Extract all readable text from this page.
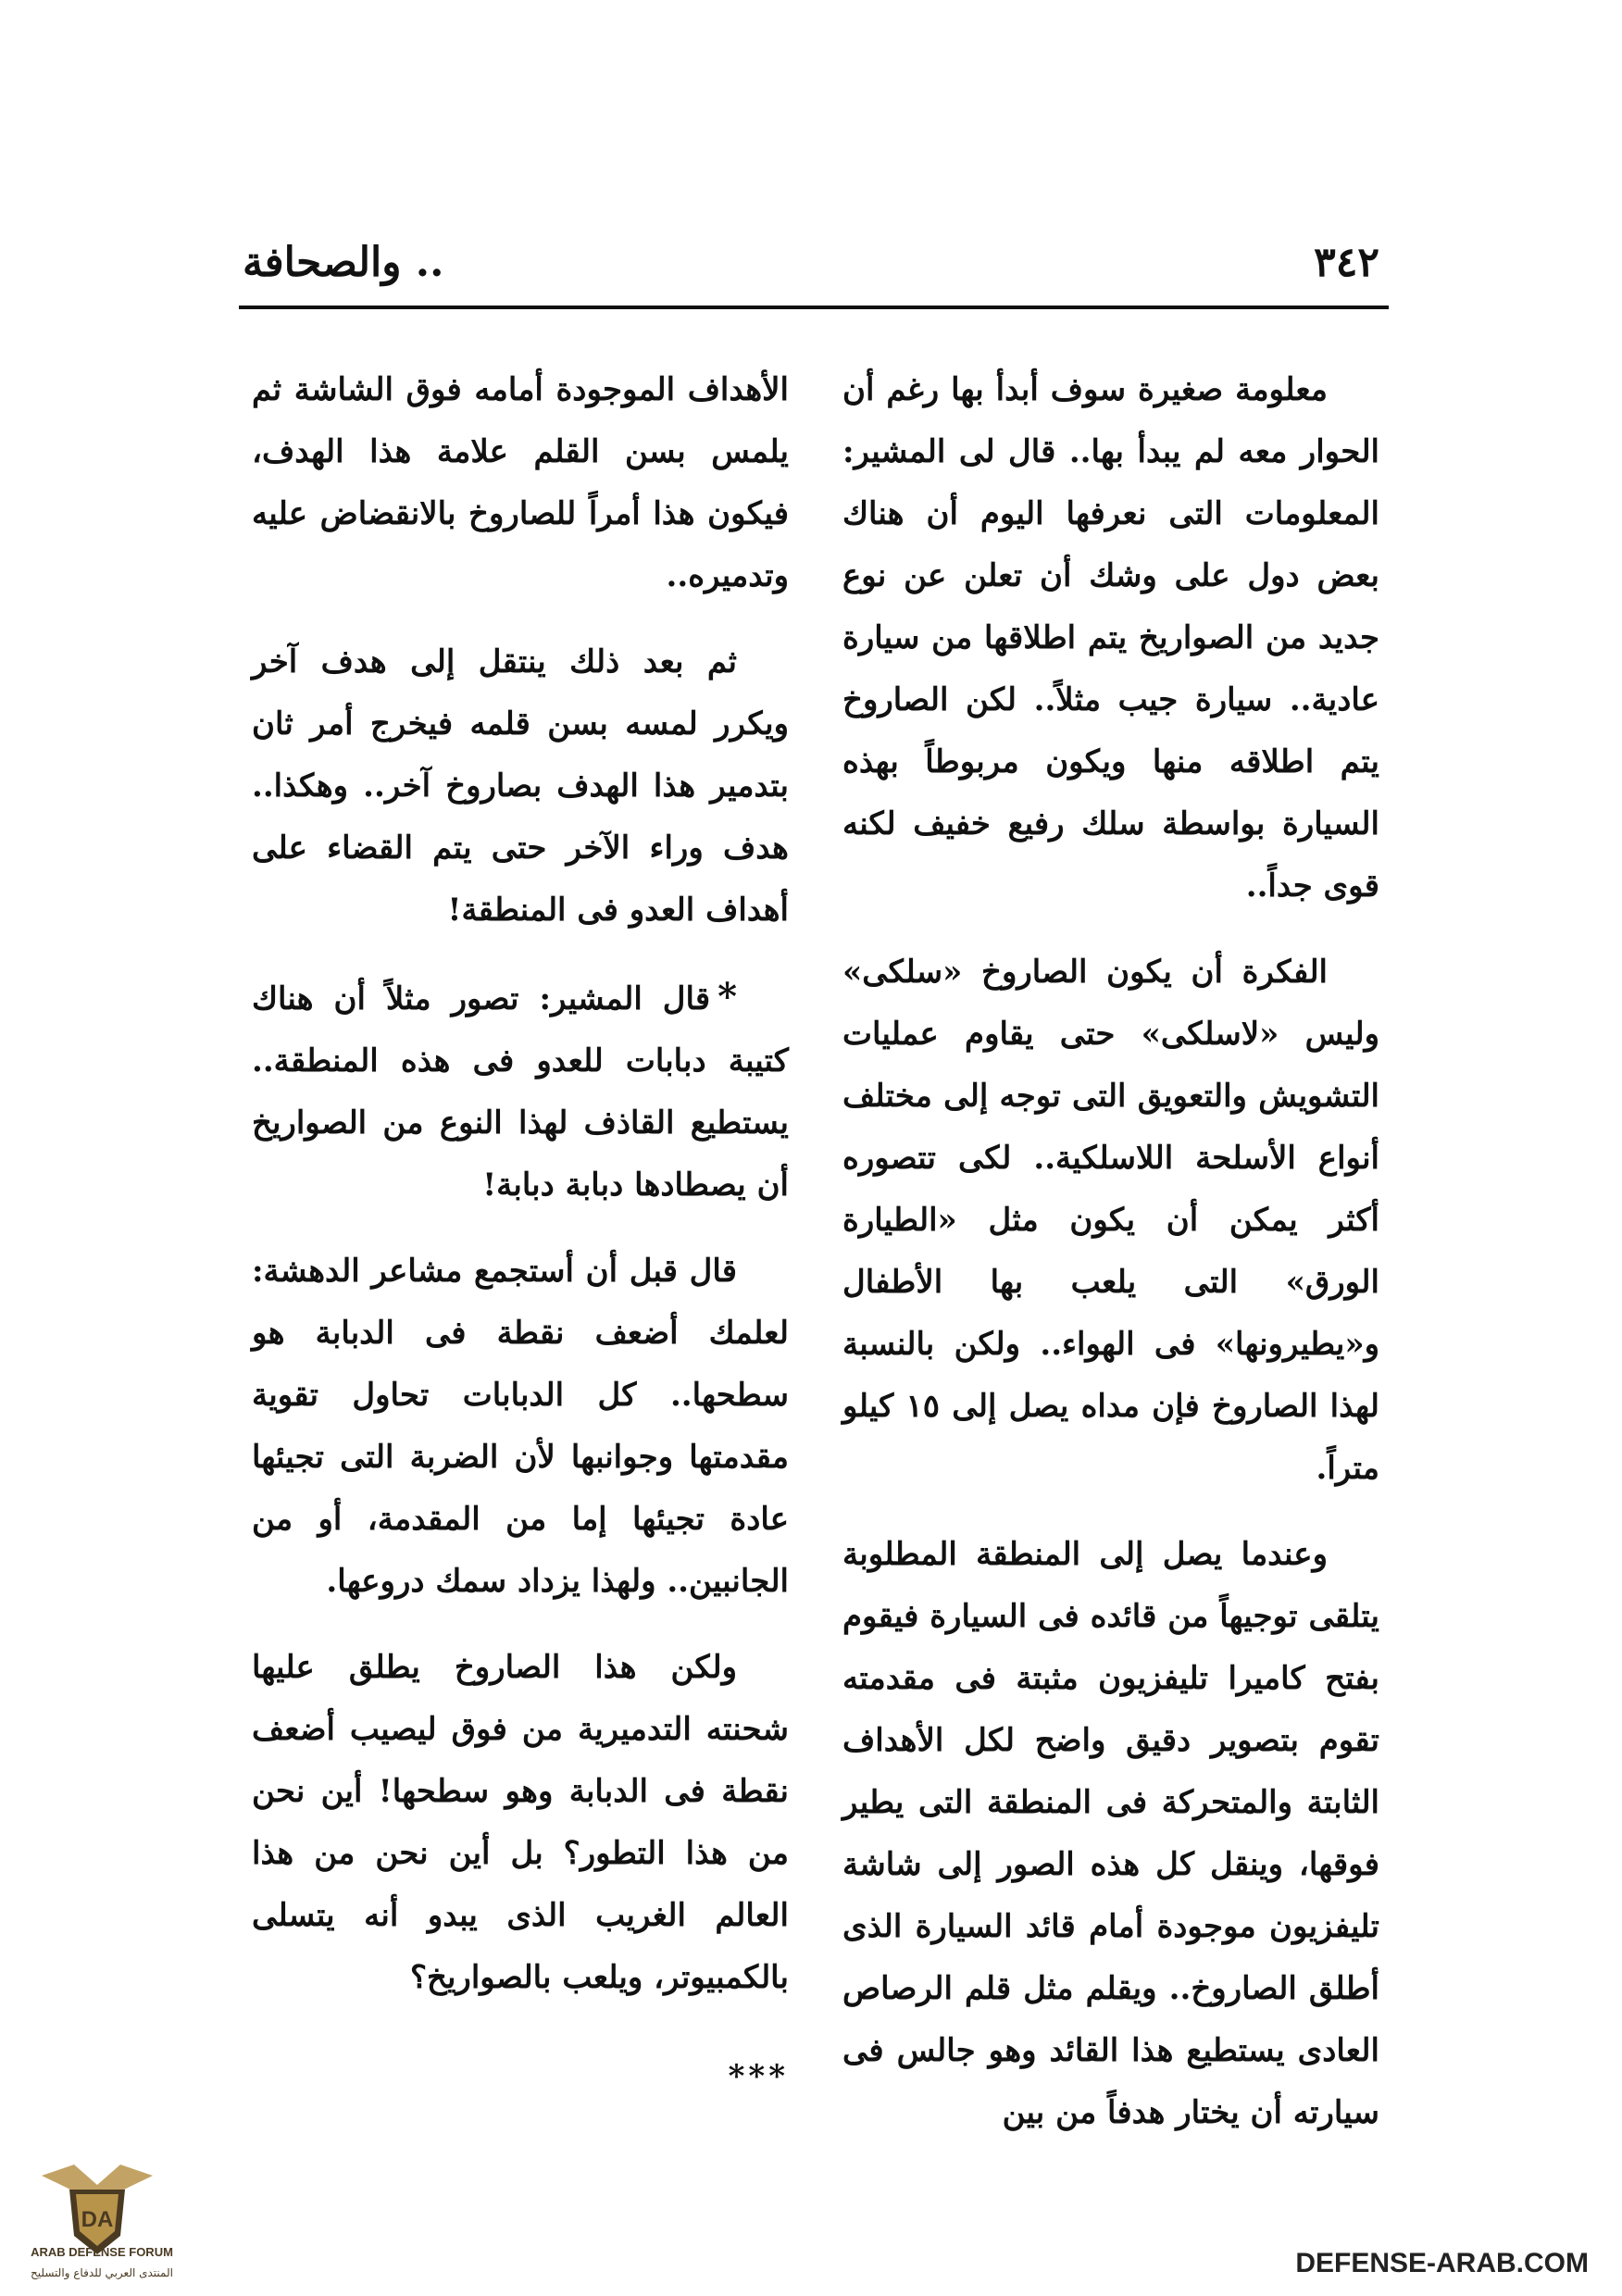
٣٤٢
.. والصحافة

معلومة صغيرة سوف أبدأ بها رغم أن الحوار معه لم يبدأ بها.. قال لى المشير: المعلومات التى نعرفها اليوم أن هناك بعض دول على وشك أن تعلن عن نوع جديد من الصواريخ يتم اطلاقها من سيارة عادية.. سيارة جيب مثلاً.. لكن الصاروخ يتم اطلاقه منها ويكون مربوطاً بهذه السيارة بواسطة سلك رفيع خفيف لكنه قوى جداً..

الفكرة أن يكون الصاروخ «سلكى» وليس «لاسلكى» حتى يقاوم عمليات التشويش والتعويق التى توجه إلى مختلف أنواع الأسلحة اللاسلكية.. لكى تتصوره أكثر يمكن أن يكون مثل «الطيارة الورق» التى يلعب بها الأطفال و«يطيرونها» فى الهواء.. ولكن بالنسبة لهذا الصاروخ فإن مداه يصل إلى ١٥ كيلو متراً.

وعندما يصل إلى المنطقة المطلوبة يتلقى توجيهاً من قائده فى السيارة فيقوم بفتح كاميرا تليفزيون مثبتة فى مقدمته تقوم بتصوير دقيق واضح لكل الأهداف الثابتة والمتحركة فى المنطقة التى يطير فوقها، وينقل كل هذه الصور إلى شاشة تليفزيون موجودة أمام قائد السيارة الذى أطلق الصاروخ.. ويقلم مثل قلم الرصاص العادى يستطيع هذا القائد وهو جالس فى سيارته أن يختار هدفاً من بين

الأهداف الموجودة أمامه فوق الشاشة ثم يلمس بسن القلم علامة هذا الهدف، فيكون هذا أمراً للصاروخ بالانقضاض عليه وتدميره..

ثم بعد ذلك ينتقل إلى هدف آخر ويكرر لمسه بسن قلمه فيخرج أمر ثان بتدمير هذا الهدف بصاروخ آخر.. وهكذا.. هدف وراء الآخر حتى يتم القضاء على أهداف العدو فى المنطقة!

*قال المشير: تصور مثلاً أن هناك كتيبة دبابات للعدو فى هذه المنطقة.. يستطيع القاذف لهذا النوع من الصواريخ أن يصطادها دبابة دبابة!

قال قبل أن أستجمع مشاعر الدهشة: لعلمك أضعف نقطة فى الدبابة هو سطحها.. كل الدبابات تحاول تقوية مقدمتها وجوانبها لأن الضربة التى تجيئها عادة تجيئها إما من المقدمة، أو من الجانبين.. ولهذا يزداد سمك دروعها.

ولكن هذا الصاروخ يطلق عليها شحنته التدميرية من فوق ليصيب أضعف نقطة فى الدبابة وهو سطحها! أين نحن من هذا التطور؟ بل أين نحن من هذا العالم الغريب الذى يبدو أنه يتسلى بالكمبيوتر، ويلعب بالصواريخ؟

***
DA
ARAB DEFENSE FORUM
المنتدى العربي للدفاع والتسليح	DEFENSE-ARAB.COM
